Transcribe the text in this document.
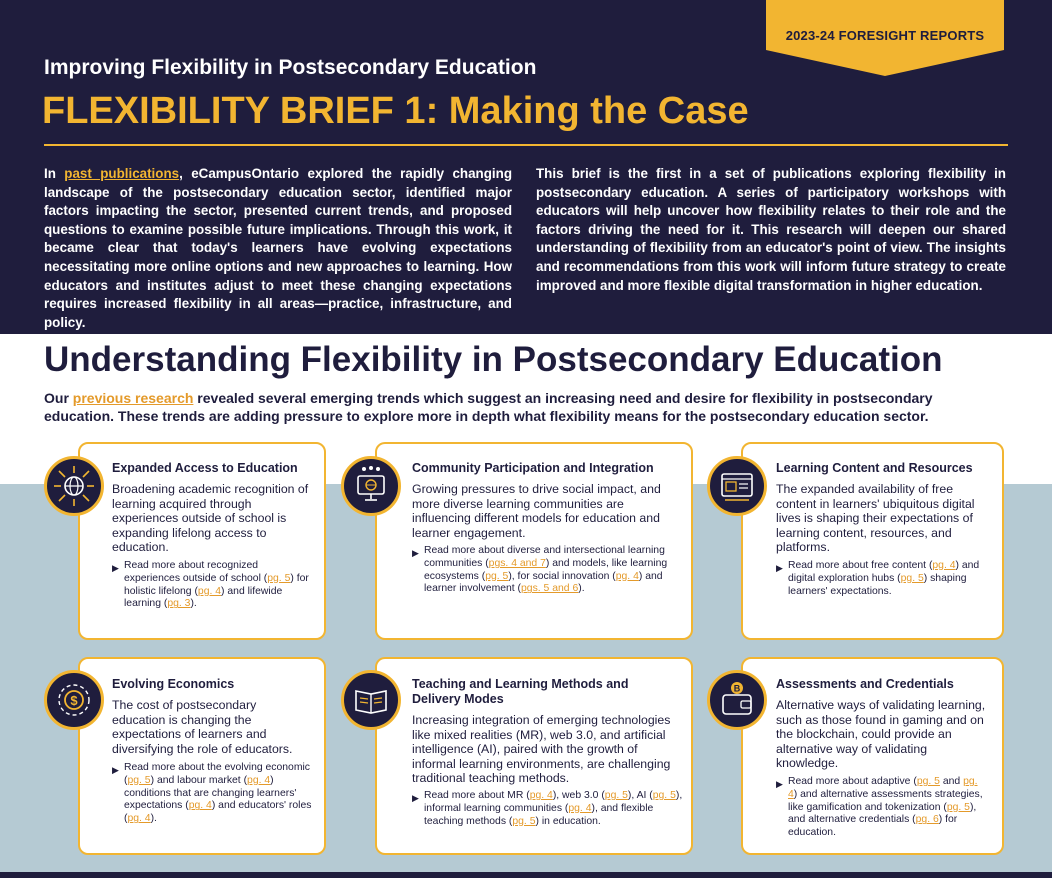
2023-24 FORESIGHT REPORTS
Improving Flexibility in Postsecondary Education
FLEXIBILITY BRIEF 1: Making the Case
In past publications, eCampusOntario explored the rapidly changing landscape of the postsecondary education sector, identified major factors impacting the sector, presented current trends, and proposed questions to examine possible future implications. Through this work, it became clear that today's learners have evolving expectations necessitating more online options and new approaches to learning. How educators and institutes adjust to meet these changing expectations requires increased flexibility in all areas—practice, infrastructure, and policy.
This brief is the first in a set of publications exploring flexibility in postsecondary education. A series of participatory workshops with educators will help uncover how flexibility relates to their role and the factors driving the need for it. This research will deepen our shared understanding of flexibility from an educator's point of view. The insights and recommendations from this work will inform future strategy to create improved and more flexible digital transformation in higher education.
Understanding Flexibility in Postsecondary Education
Our previous research revealed several emerging trends which suggest an increasing need and desire for flexibility in postsecondary education. These trends are adding pressure to explore more in depth what flexibility means for the postsecondary education sector.
Expanded Access to Education
Broadening academic recognition of learning acquired through experiences outside of school is expanding lifelong access to education.
▶ Read more about recognized experiences outside of school (pg. 5) for holistic lifelong (pg. 4) and lifewide learning (pg. 3).
Community Participation and Integration
Growing pressures to drive social impact, and more diverse learning communities are influencing different models for education and learner engagement.
▶ Read more about diverse and intersectional learning communities (pgs. 4 and 7) and models, like learning ecosystems (pg. 5), for social innovation (pg. 4) and learner involvement (pgs. 5 and 6).
Learning Content and Resources
The expanded availability of free content in learners' ubiquitous digital lives is shaping their expectations of learning content, resources, and platforms.
▶ Read more about free content (pg. 4) and digital exploration hubs (pg. 5) shaping learners' expectations.
$
Evolving Economics
The cost of postsecondary education is changing the expectations of learners and diversifying the role of educators.
▶ Read more about the evolving economic (pg. 5) and labour market (pg. 4) conditions that are changing learners' expectations (pg. 4) and educators' roles (pg. 4).
Teaching and Learning Methods and Delivery Modes
Increasing integration of emerging technologies like mixed realities (MR), web 3.0, and artificial intelligence (AI), paired with the growth of informal learning environments, are challenging traditional teaching methods.
▶ Read more about MR (pg. 4), web 3.0 (pg. 5), AI (pg. 5), informal learning communities (pg. 4), and flexible teaching methods (pg. 5) in education.
B	Assessments and Credentials
Alternative ways of validating learning, such as those found in gaming and on the blockchain, could provide an alternative way of validating knowledge.
▶ Read more about adaptive (pg. 5 and pg. 4) and alternative assessments strategies, like gamification and tokenization (pg. 5), and alternative credentials (pg. 6) for education.
